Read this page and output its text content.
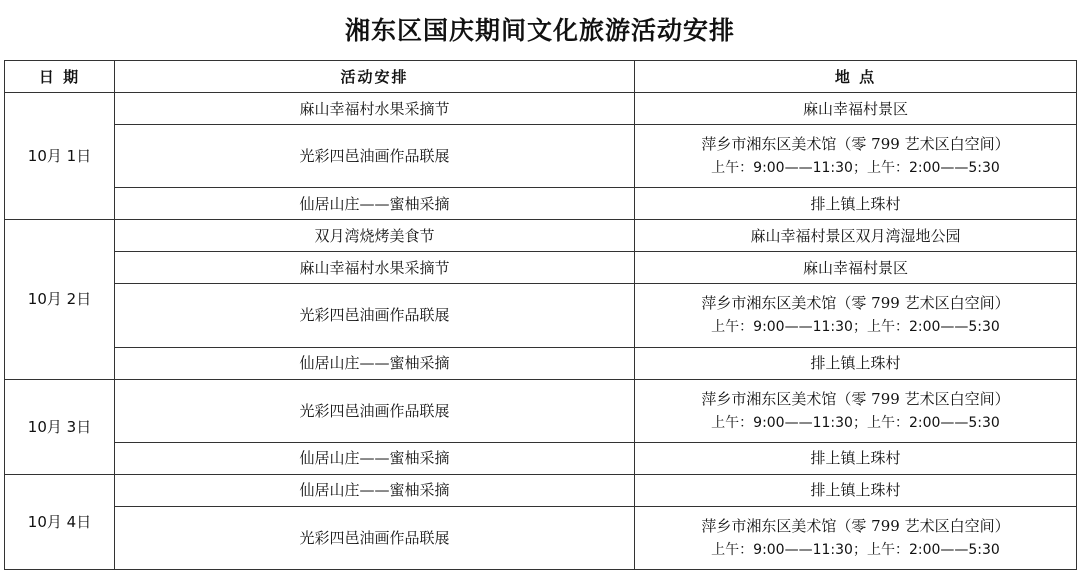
湘东区国庆期间文化旅游活动安排
日 期	活动安排	地 点
10月 1日	麻山幸福村水果采摘节	麻山幸福村景区

	光彩四邑油画作品联展	萍乡市湘东区美术馆（零 799 艺术区白空间）
上午：9:00——11:30；上午：2:00——5:30

	仙居山庄——蜜柚采摘	排上镇上珠村

10月 2日	双月湾烧烤美食节	麻山幸福村景区双月湾湿地公园

	麻山幸福村水果采摘节	麻山幸福村景区

	光彩四邑油画作品联展	萍乡市湘东区美术馆（零 799 艺术区白空间）
上午：9:00——11:30；上午：2:00——5:30

	仙居山庄——蜜柚采摘	排上镇上珠村

10月 3日	光彩四邑油画作品联展	萍乡市湘东区美术馆（零 799 艺术区白空间）
上午：9:00——11:30；上午：2:00——5:30

	仙居山庄——蜜柚采摘	排上镇上珠村

10月 4日	仙居山庄——蜜柚采摘	排上镇上珠村

	光彩四邑油画作品联展	萍乡市湘东区美术馆（零 799 艺术区白空间）
上午：9:00——11:30；上午：2:00——5:30
